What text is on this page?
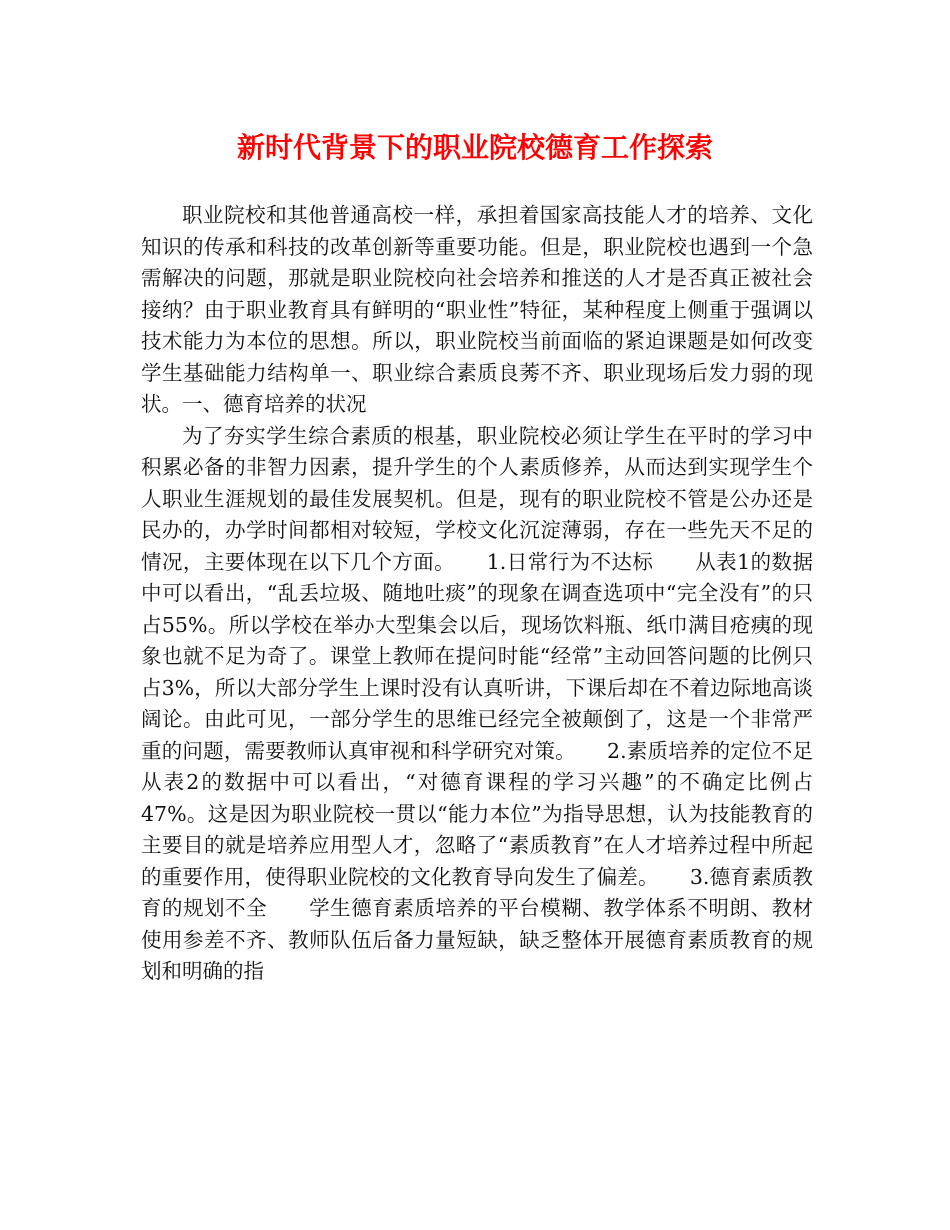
新时代背景下的职业院校德育工作探索

职业院校和其他普通高校一样，承担着国家高技能人才的培养、文化知识的传承和科技的改革创新等重要功能。但是，职业院校也遇到一个急需解决的问题，那就是职业院校向社会培养和推送的人才是否真正被社会接纳？由于职业教育具有鲜明的“职业性”特征，某种程度上侧重于强调以技术能力为本位的思想。所以，职业院校当前面临的紧迫课题是如何改变学生基础能力结构单一、职业综合素质良莠不齐、职业现场后发力弱的现状。一、德育培养的状况

为了夯实学生综合素质的根基，职业院校必须让学生在平时的学习中积累必备的非智力因素，提升学生的个人素质修养，从而达到实现学生个人职业生涯规划的最佳发展契机。但是，现有的职业院校不管是公办还是民办的，办学时间都相对较短，学校文化沉淀薄弱，存在一些先天不足的情况，主要体现在以下几个方面。　　1.日常行为不达标　　从表1的数据中可以看出，“乱丢垃圾、随地吐痰”的现象在调查选项中“完全没有”的只占55%。所以学校在举办大型集会以后，现场饮料瓶、纸巾满目疮痍的现象也就不足为奇了。课堂上教师在提问时能“经常”主动回答问题的比例只占3%，所以大部分学生上课时没有认真听讲，下课后却在不着边际地高谈阔论。由此可见，一部分学生的思维已经完全被颠倒了，这是一个非常严重的问题，需要教师认真审视和科学研究对策。　　2.素质培养的定位不足　　从表2的数据中可以看出，“对德育课程的学习兴趣”的不确定比例占47%。这是因为职业院校一贯以“能力本位”为指导思想，认为技能教育的主要目的就是培养应用型人才，忽略了“素质教育”在人才培养过程中所起的重要作用，使得职业院校的文化教育导向发生了偏差。　　3.德育素质教育的规划不全　　学生德育素质培养的平台模糊、教学体系不明朗、教材使用参差不齐、教师队伍后备力量短缺，缺乏整体开展德育素质教育的规划和明确的指
